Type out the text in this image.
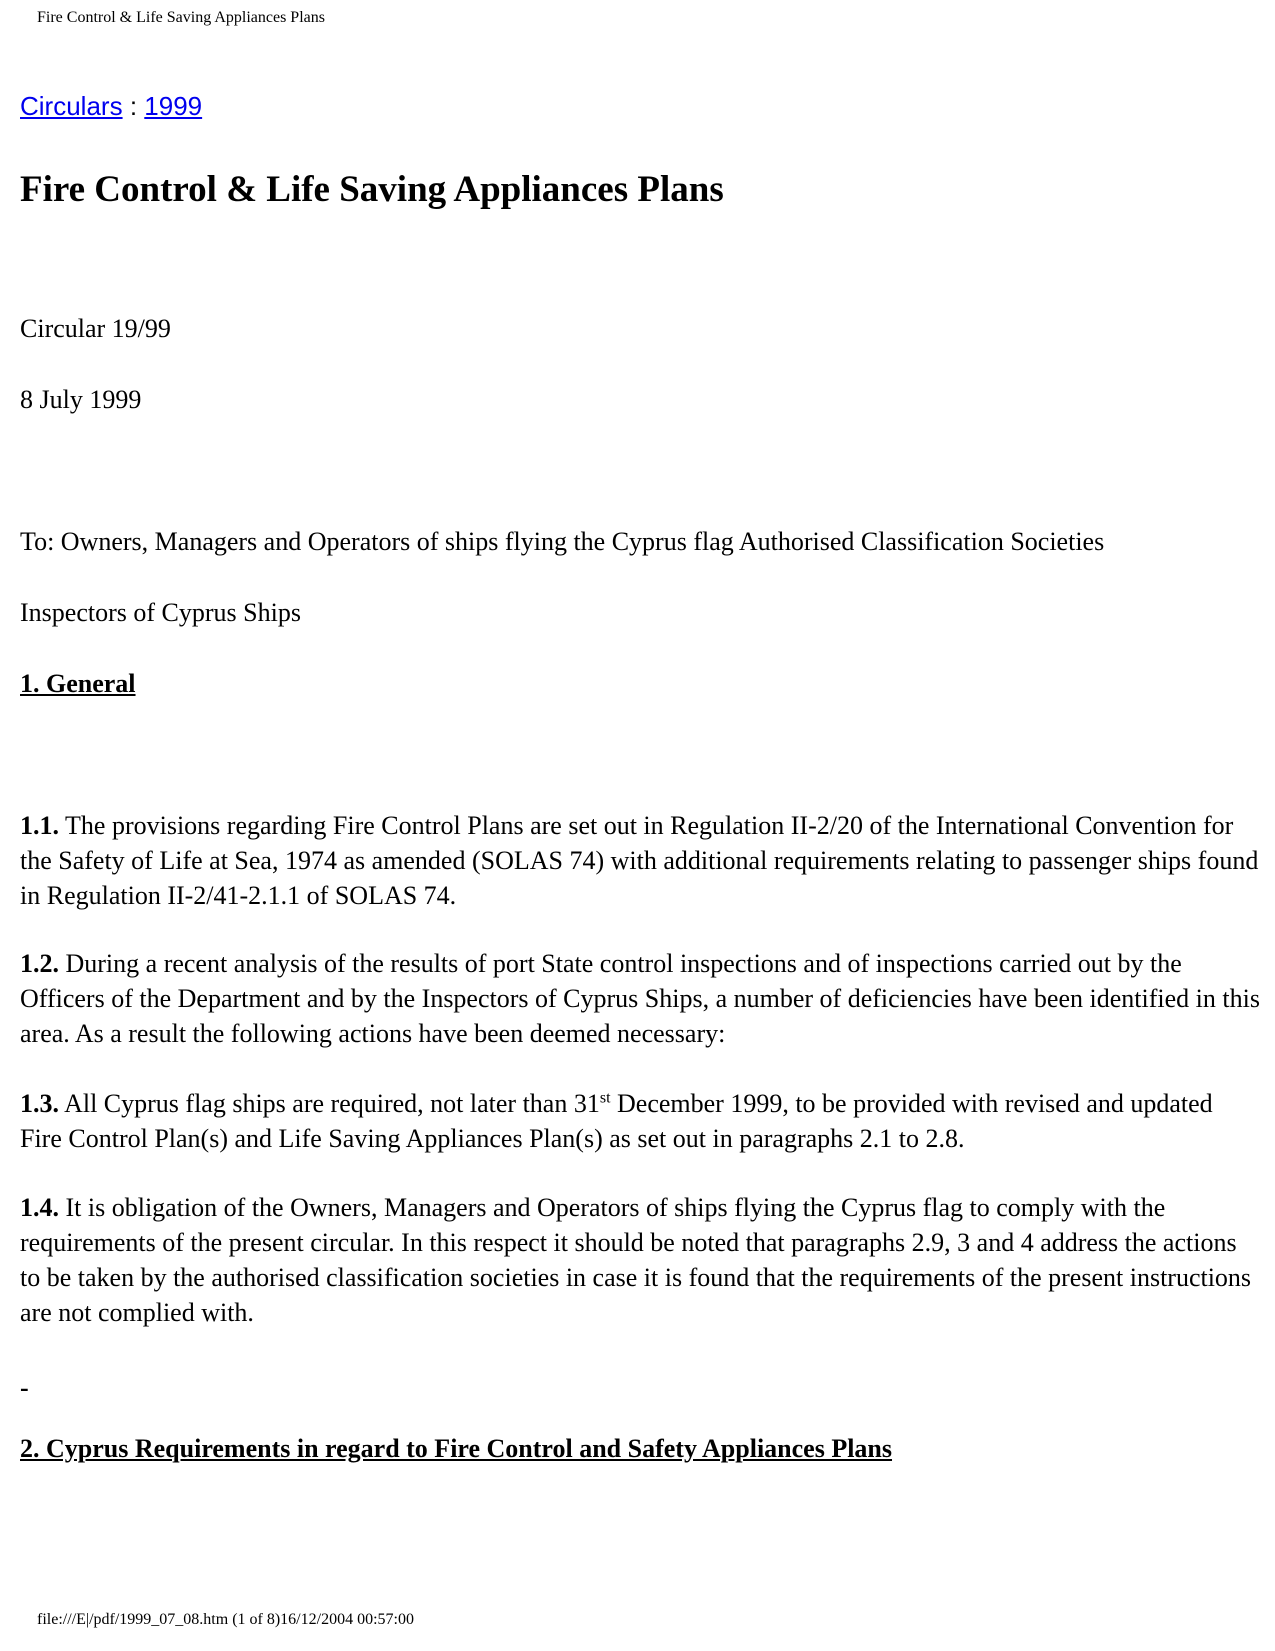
Fire Control & Life Saving Appliances Plans
Circulars : 1999
Fire Control & Life Saving Appliances Plans

Circular 19/99

8 July 1999

To: Owners, Managers and Operators of ships flying the Cyprus flag Authorised Classification Societies

Inspectors of Cyprus Ships

1. General

1.1. The provisions regarding Fire Control Plans are set out in Regulation II-2/20 of the International Convention for the Safety of Life at Sea, 1974 as amended (SOLAS 74) with additional requirements relating to passenger ships found in Regulation II-2/41-2.1.1 of SOLAS 74.

1.2. During a recent analysis of the results of port State control inspections and of inspections carried out by the Officers of the Department and by the Inspectors of Cyprus Ships, a number of deficiencies have been identified in this area. As a result the following actions have been deemed necessary:

1.3. All Cyprus flag ships are required, not later than 31st December 1999, to be provided with revised and updated Fire Control Plan(s) and Life Saving Appliances Plan(s) as set out in paragraphs 2.1 to 2.8.

1.4. It is obligation of the Owners, Managers and Operators of ships flying the Cyprus flag to comply with the requirements of the present circular. In this respect it should be noted that paragraphs 2.9, 3 and 4 address the actions to be taken by the authorised classification societies in case it is found that the requirements of the present instructions are not complied with.

-

2. Cyprus Requirements in regard to Fire Control and Safety Appliances Plans

file:///E|/pdf/1999_07_08.htm (1 of 8)16/12/2004 00:57:00
